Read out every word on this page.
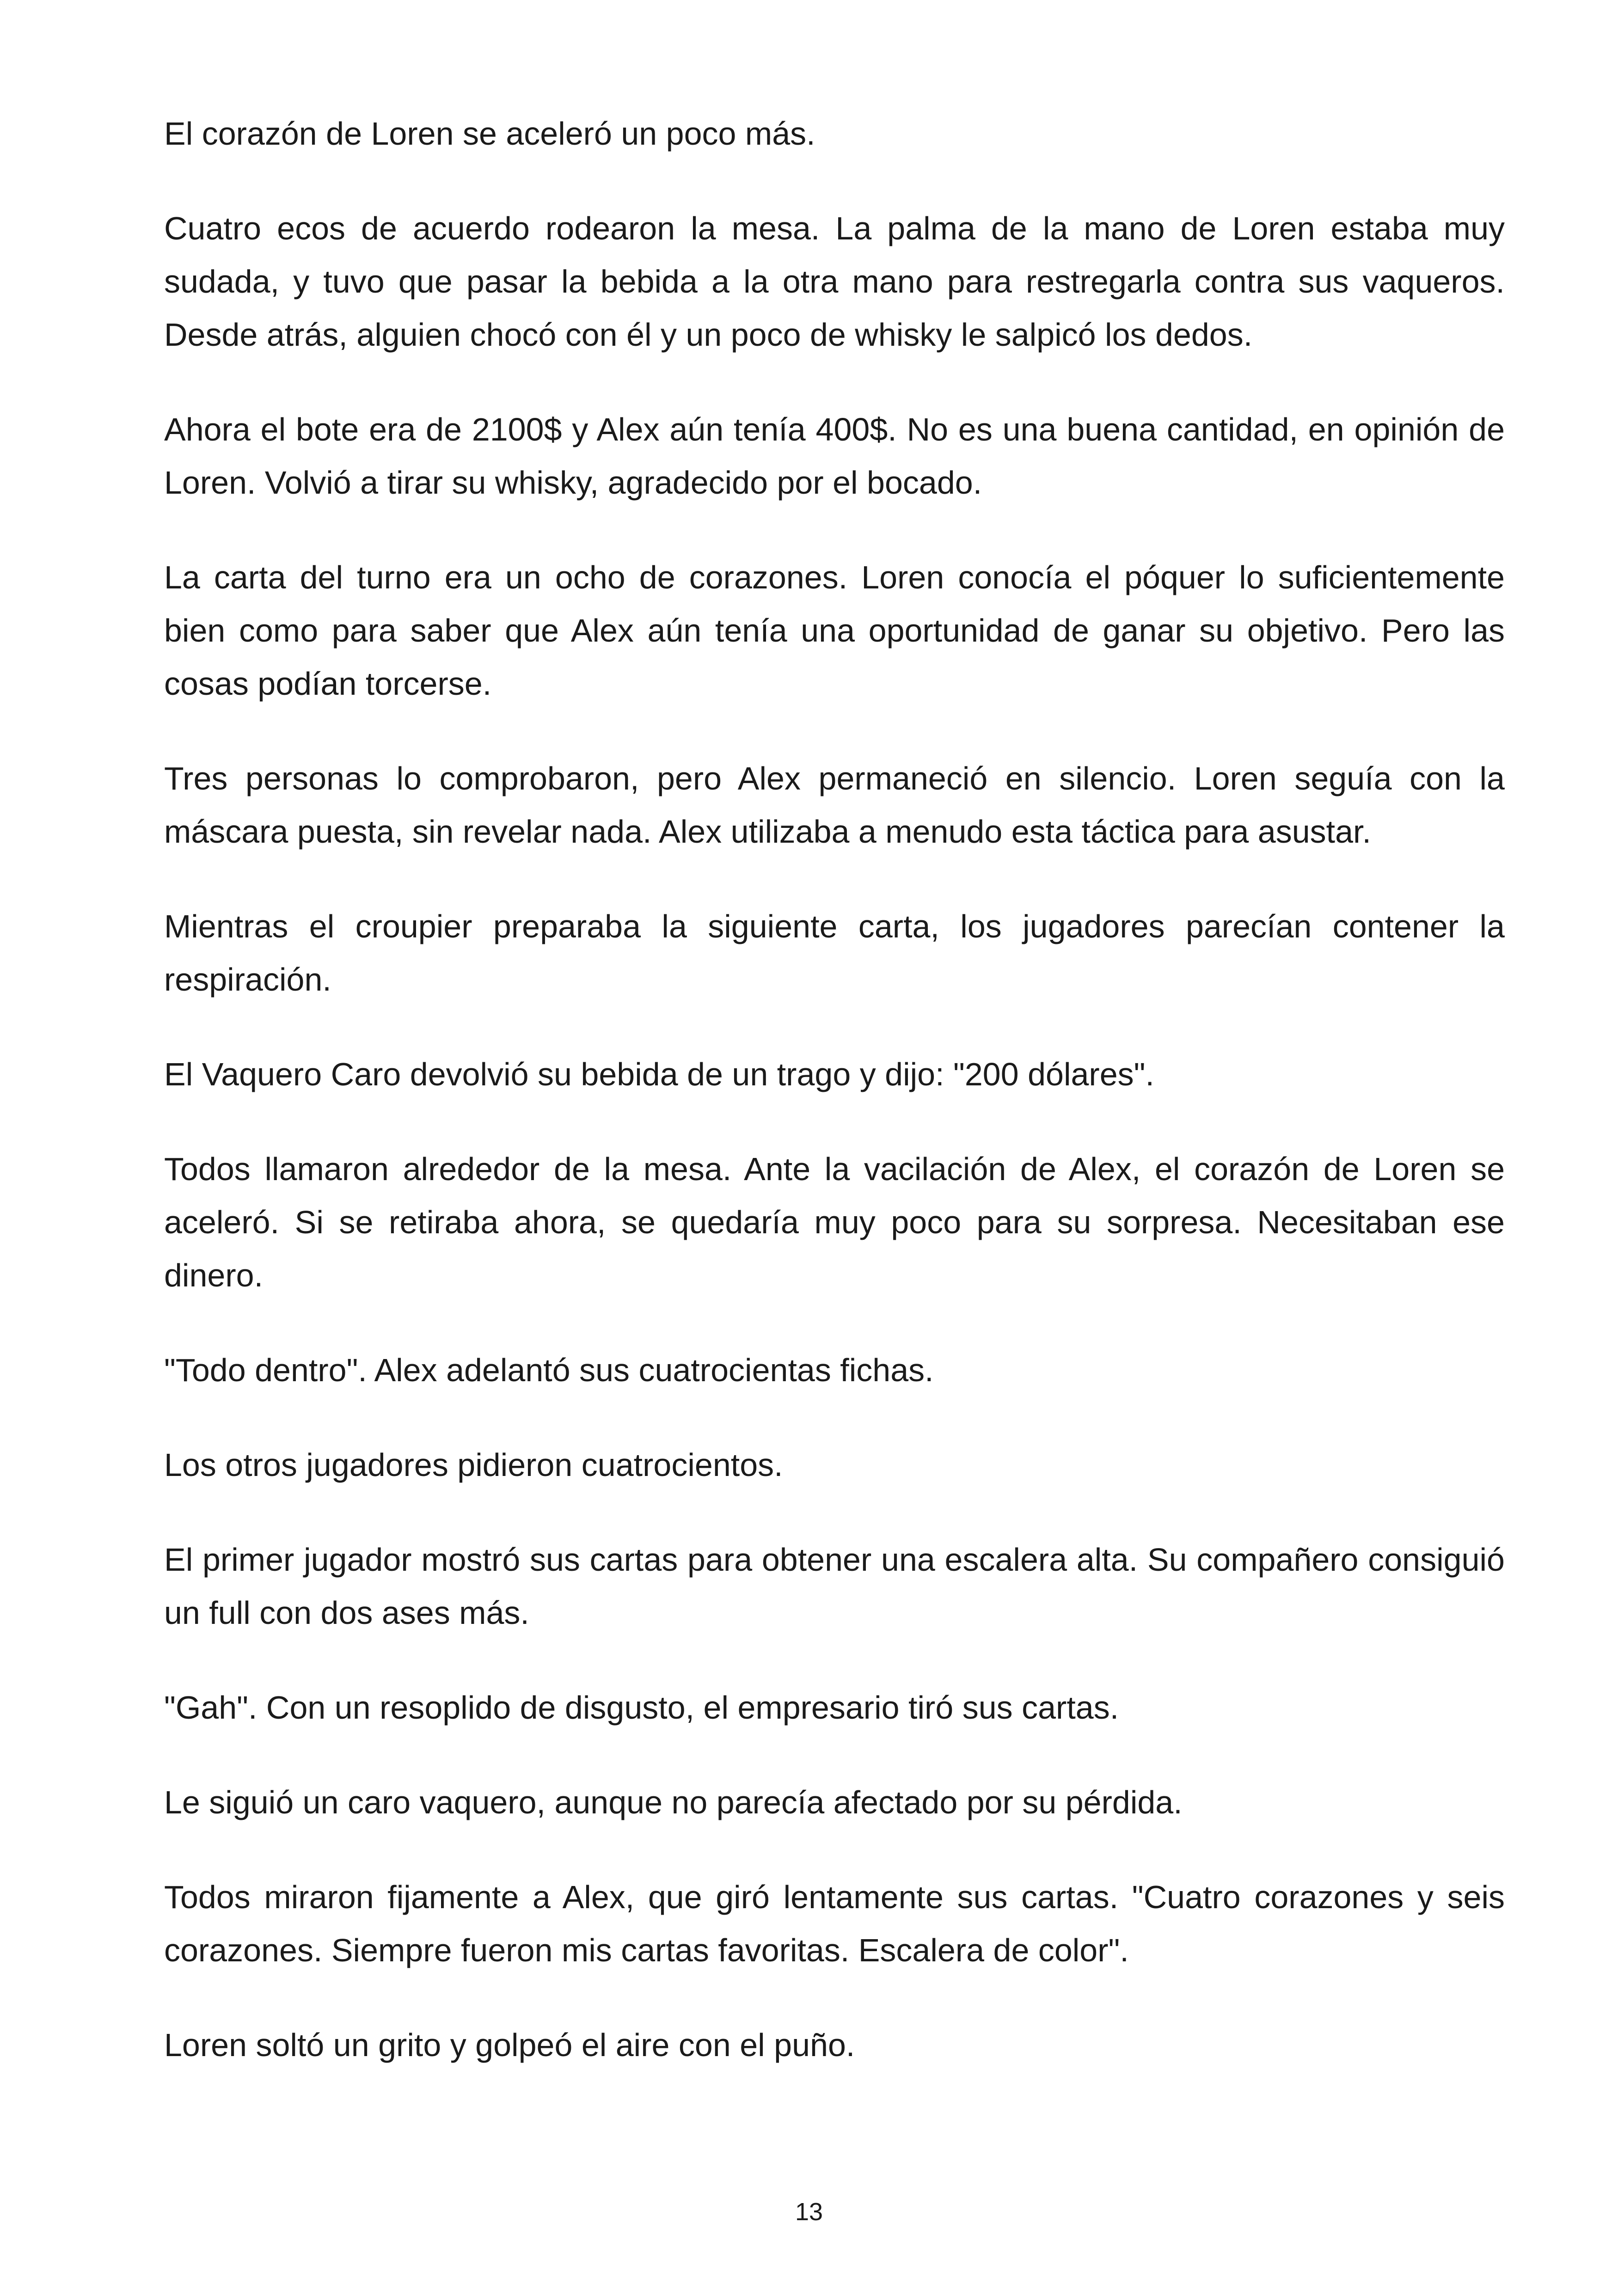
El corazón de Loren se aceleró un poco más.

Cuatro ecos de acuerdo rodearon la mesa. La palma de la mano de Loren estaba muy sudada, y tuvo que pasar la bebida a la otra mano para restregarla contra sus vaqueros. Desde atrás, alguien chocó con él y un poco de whisky le salpicó los dedos.

Ahora el bote era de 2100$ y Alex aún tenía 400$. No es una buena cantidad, en opinión de Loren. Volvió a tirar su whisky, agradecido por el bocado.

La carta del turno era un ocho de corazones. Loren conocía el póquer lo suficientemente bien como para saber que Alex aún tenía una oportunidad de ganar su objetivo. Pero las cosas podían torcerse.

Tres personas lo comprobaron, pero Alex permaneció en silencio. Loren seguía con la máscara puesta, sin revelar nada. Alex utilizaba a menudo esta táctica para asustar.

Mientras el croupier preparaba la siguiente carta, los jugadores parecían contener la respiración.

El Vaquero Caro devolvió su bebida de un trago y dijo: "200 dólares".

Todos llamaron alrededor de la mesa. Ante la vacilación de Alex, el corazón de Loren se aceleró. Si se retiraba ahora, se quedaría muy poco para su sorpresa. Necesitaban ese dinero.

"Todo dentro". Alex adelantó sus cuatrocientas fichas.

Los otros jugadores pidieron cuatrocientos.

El primer jugador mostró sus cartas para obtener una escalera alta. Su compañero consiguió un full con dos ases más.

"Gah". Con un resoplido de disgusto, el empresario tiró sus cartas.

Le siguió un caro vaquero, aunque no parecía afectado por su pérdida.

Todos miraron fijamente a Alex, que giró lentamente sus cartas. "Cuatro corazones y seis corazones. Siempre fueron mis cartas favoritas. Escalera de color".

Loren soltó un grito y golpeó el aire con el puño.

13
